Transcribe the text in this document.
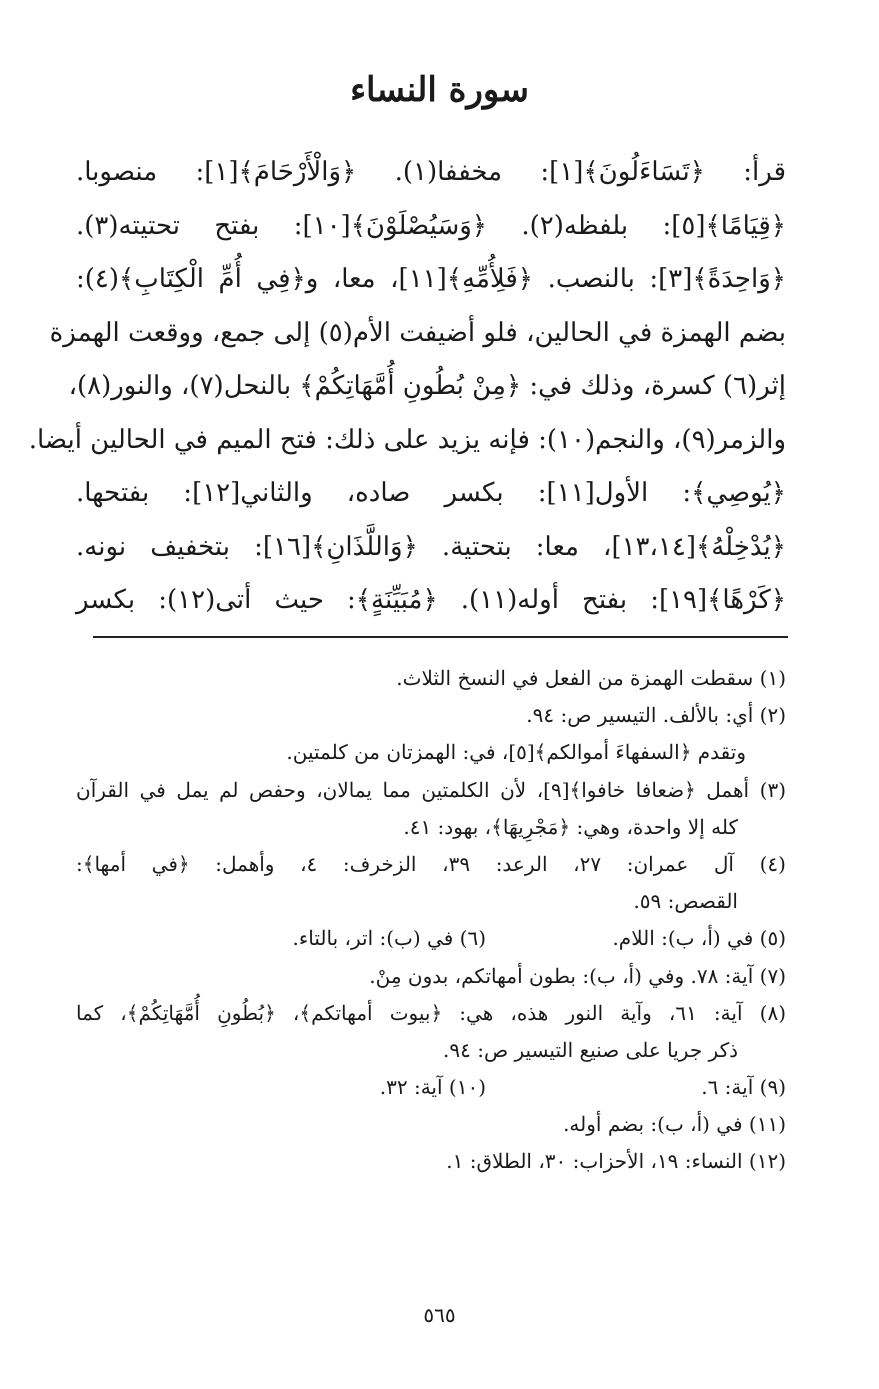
سورة النساء
قرأ: ﴿تَسَاءَلُونَ﴾[١]: مخففا(١). ﴿وَالْأَرْحَامَ﴾[١]: منصوبا.
﴿قِيَامًا﴾[٥]: بلفظه(٢). ﴿وَسَيُصْلَوْنَ﴾[١٠]: بفتح تحتيته(٣).
﴿وَاحِدَةً﴾[٣]: بالنصب. ﴿فَلِأُمِّهِ﴾[١١]، معا، و﴿فِي أُمِّ الْكِتَابِ﴾(٤):
بضم الهمزة في الحالين، فلو أضيفت الأم(٥) إلى جمع، ووقعت الهمزة
إثر(٦) كسرة، وذلك في: ﴿مِنْ بُطُونِ أُمَّهَاتِكُمْ﴾ بالنحل(٧)، والنور(٨)،
والزمر(٩)، والنجم(١٠): فإنه يزيد على ذلك: فتح الميم في الحالين أيضا.
﴿يُوصِي﴾: الأول[١١]: بكسر صاده، والثاني[١٢]: بفتحها.
﴿يُدْخِلْهُ﴾[١٣،١٤]، معا: بتحتية. ﴿وَاللَّذَانِ﴾[١٦]: بتخفيف نونه.
﴿كَرْهًا﴾[١٩]: بفتح أوله(١١). ﴿مُبَيِّنَةٍ﴾: حيث أتى(١٢): بكسر
(١) سقطت الهمزة من الفعل في النسخ الثلاث.
(٢) أي: بالألف. التيسير ص: ٩٤.
وتقدم ﴿السفهاءَ أموالكم﴾[٥]، في: الهمزتان من كلمتين.
(٣) أهمل ﴿ضعافا خافوا﴾[٩]، لأن الكلمتين مما يمالان، وحفص لم يمل في القرآن
كله إلا واحدة، وهي: ﴿مَجْرِيهَا﴾، بهود: ٤١.
(٤) آل عمران: ٢٧، الرعد: ٣٩، الزخرف: ٤، وأهمل: ﴿في أمها﴾:
القصص: ٥٩.
(٥) في (أ، ب): اللام.
(٦) في (ب): اتر، بالتاء.
(٧) آية: ٧٨. وفي (أ، ب): بطون أمهاتكم، بدون مِنْ.
(٨) آية: ٦١، وآية النور هذه، هي: ﴿بيوت أمهاتكم﴾، ﴿بُطُونِ أُمَّهَاتِكُمْ﴾، كما
ذكر جريا على صنيع التيسير ص: ٩٤.
(٩) آية: ٦.
(١٠) آية: ٣٢.
(١١) في (أ، ب): بضم أوله.
(١٢) النساء: ١٩، الأحزاب: ٣٠، الطلاق: ١.
٥٦٥
